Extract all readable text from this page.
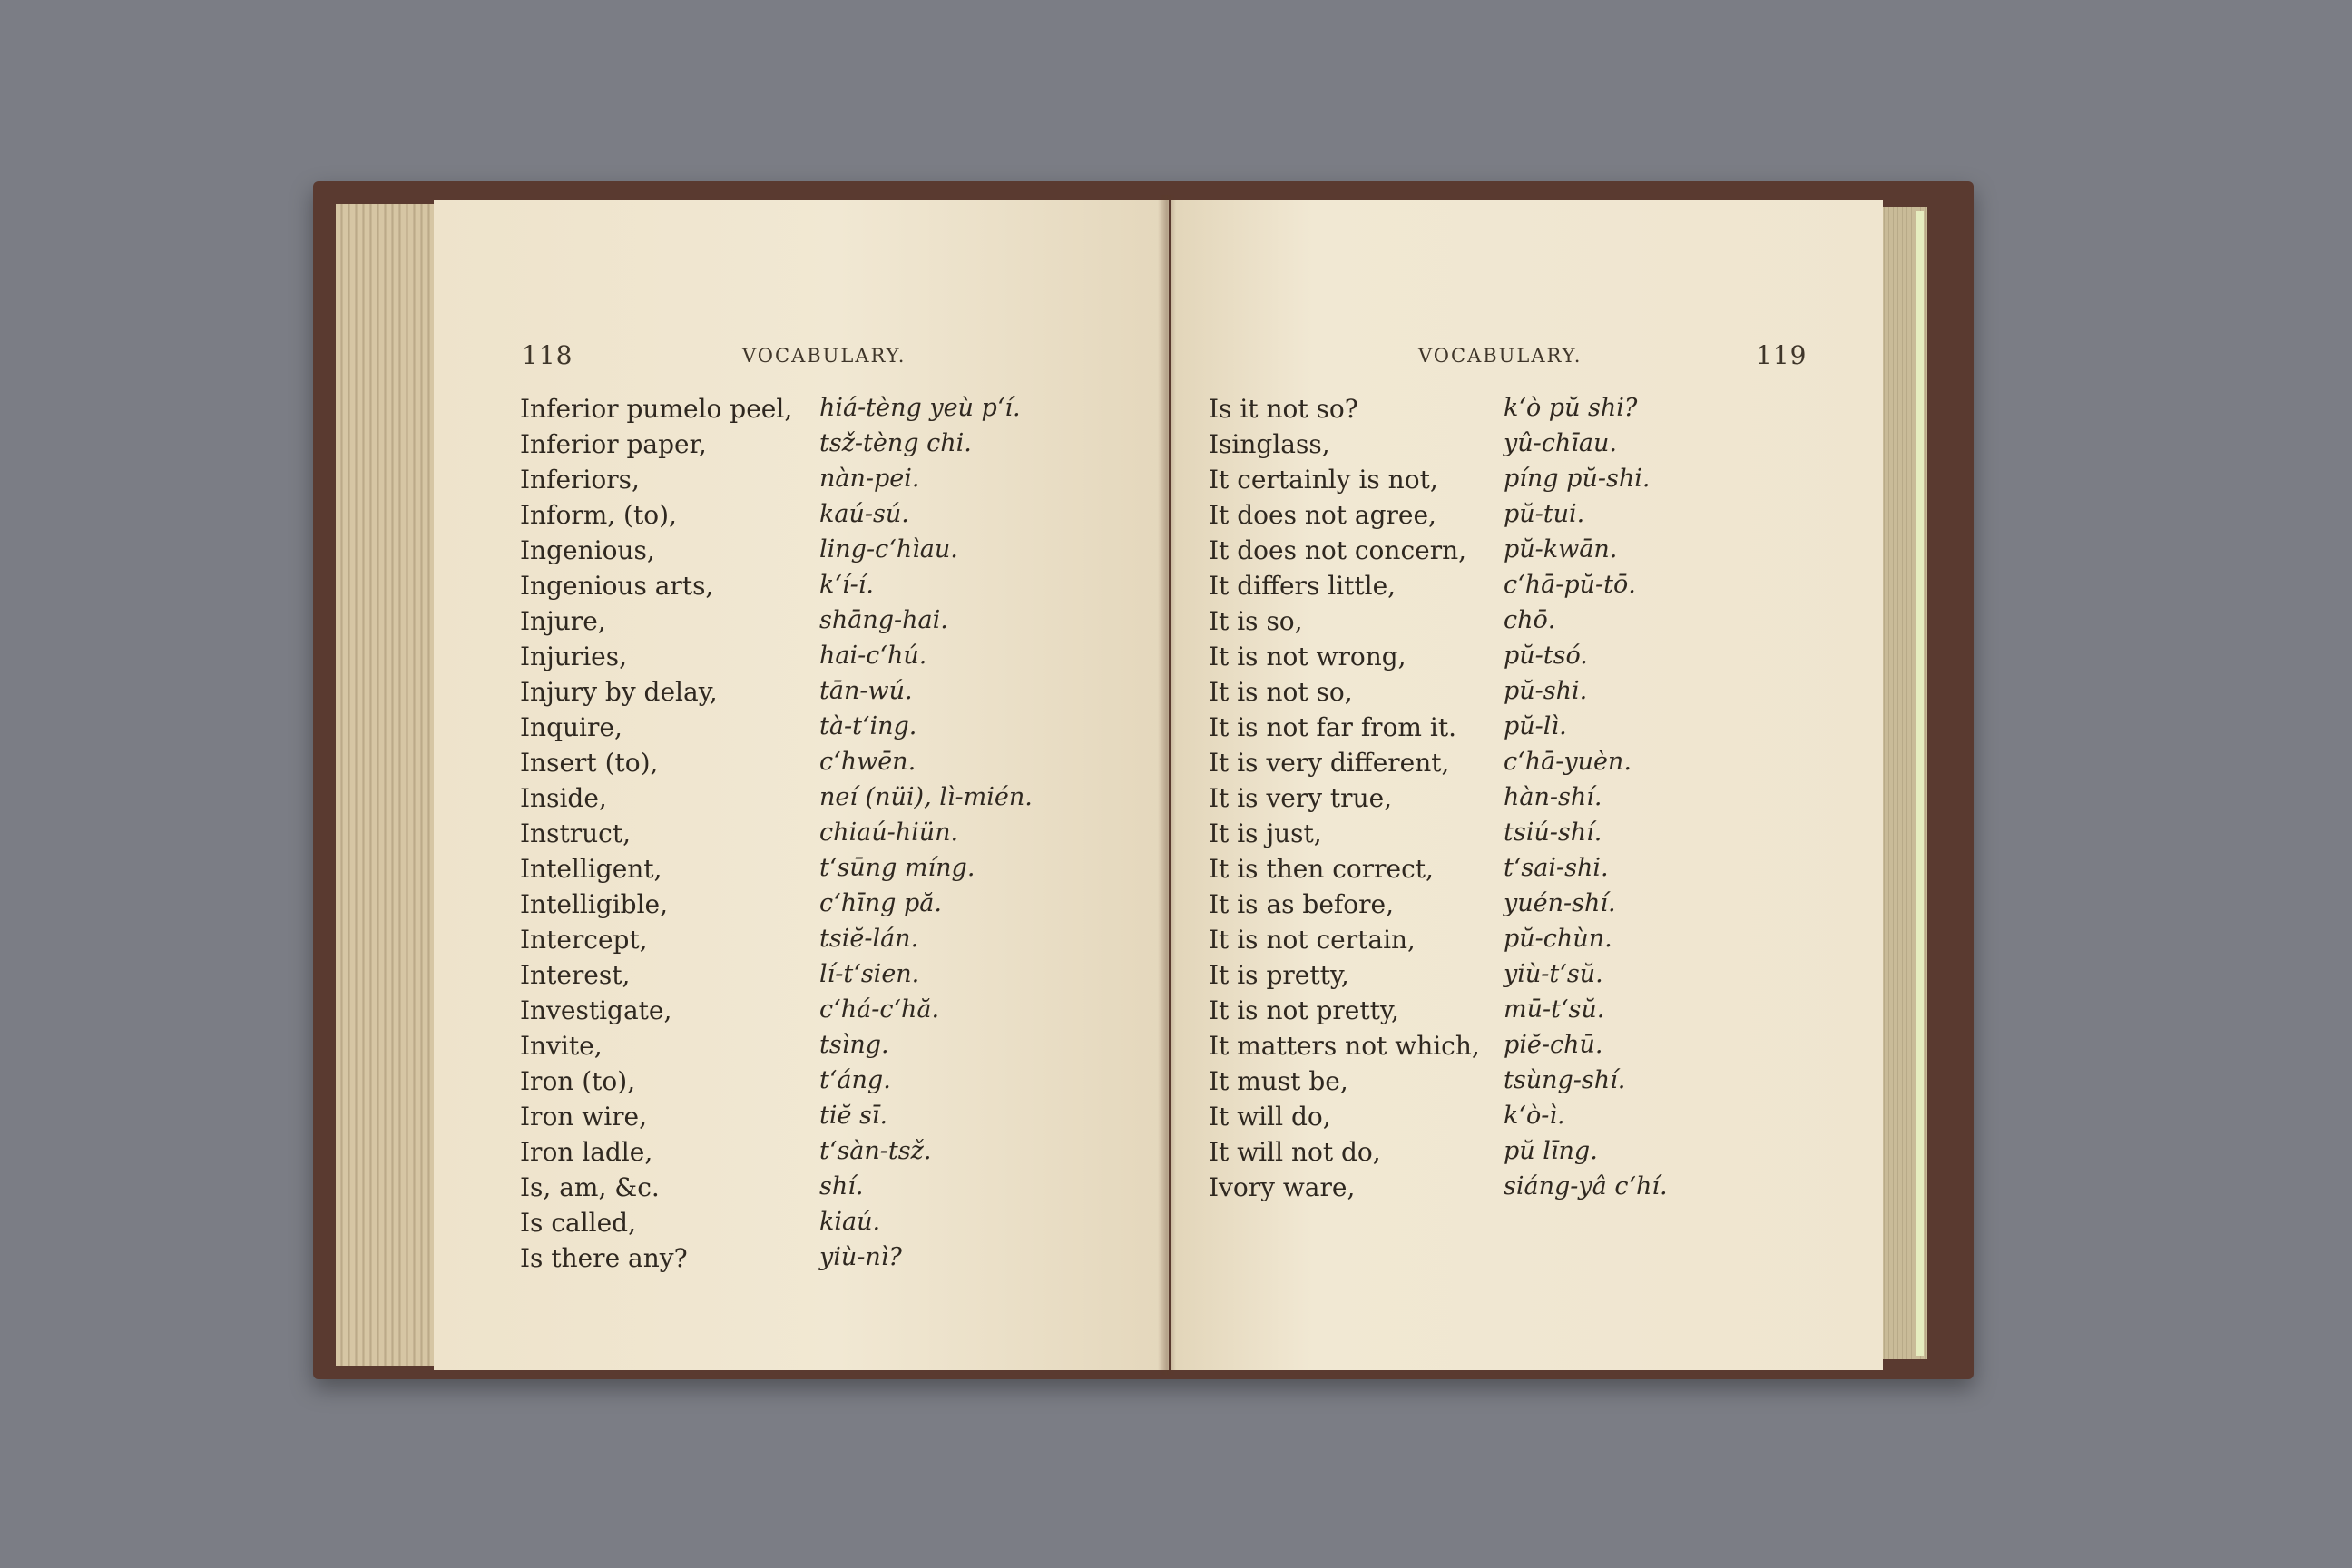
118	VOCABULARY.	VOCABULARY.	119
Inferior pumelo peel, hiá-tèng yeù pʻí.
Inferior paper,	tsž-tèng chi.
Inferiors,	nàn-pei.
Inform, (to),	kaú-sú.
Ingenious,	ling-cʻhìau.
Ingenious arts,	kʻí-í.
Injure,	shāng-hai.
Injuries,	hai-cʻhú.
Injury by delay,	tān-wú.
Inquire,	tà-tʻing.
Insert (to),	cʻhwēn.
Inside,	neí (nüi), lì-mién.
Instruct,	chiaú-hiün.
Intelligent,	tʻsūng míng.
Intelligible,	cʻhīng pă.
Intercept,	tsiĕ-lán.
Interest,	lí-tʻsien.
Investigate,	cʻhá-cʻhă.
Invite,	tsìng.
Iron (to),	tʻáng.
Iron wire,	tiĕ sī.
Iron ladle,	tʻsàn-tsž.
Is, am, &c.	shí.
Is called,	kiaú.
Is there any?	yiù-nì?
Is it not so?	kʻò pŭ shi?
Isinglass,	yû-chīau.
It certainly is not,	píng pŭ-shi.
It does not agree,	pŭ-tui.
It does not concern, pŭ-kwān.
It differs little,	cʻhā-pŭ-tō.
It is so,	chō.
It is not wrong,	pŭ-tsó.
It is not so,	pŭ-shi.
It is not far from it. pŭ-lì.
It is very different, cʻhā-yuèn.
It is very true,	hàn-shí.
It is just,	tsiú-shí.
It is then correct,	tʻsai-shi.
It is as before,	yuén-shí.
It is not certain,	pŭ-chùn.
It is pretty,	yiù-tʻsŭ.
It is not pretty,	mū-tʻsŭ.
It matters not which, piĕ-chū.
It must be,	tsùng-shí.
It will do,	kʻò-ì.
It will not do,	pŭ līng.
Ivory ware,	siáng-yâ cʻhí.
